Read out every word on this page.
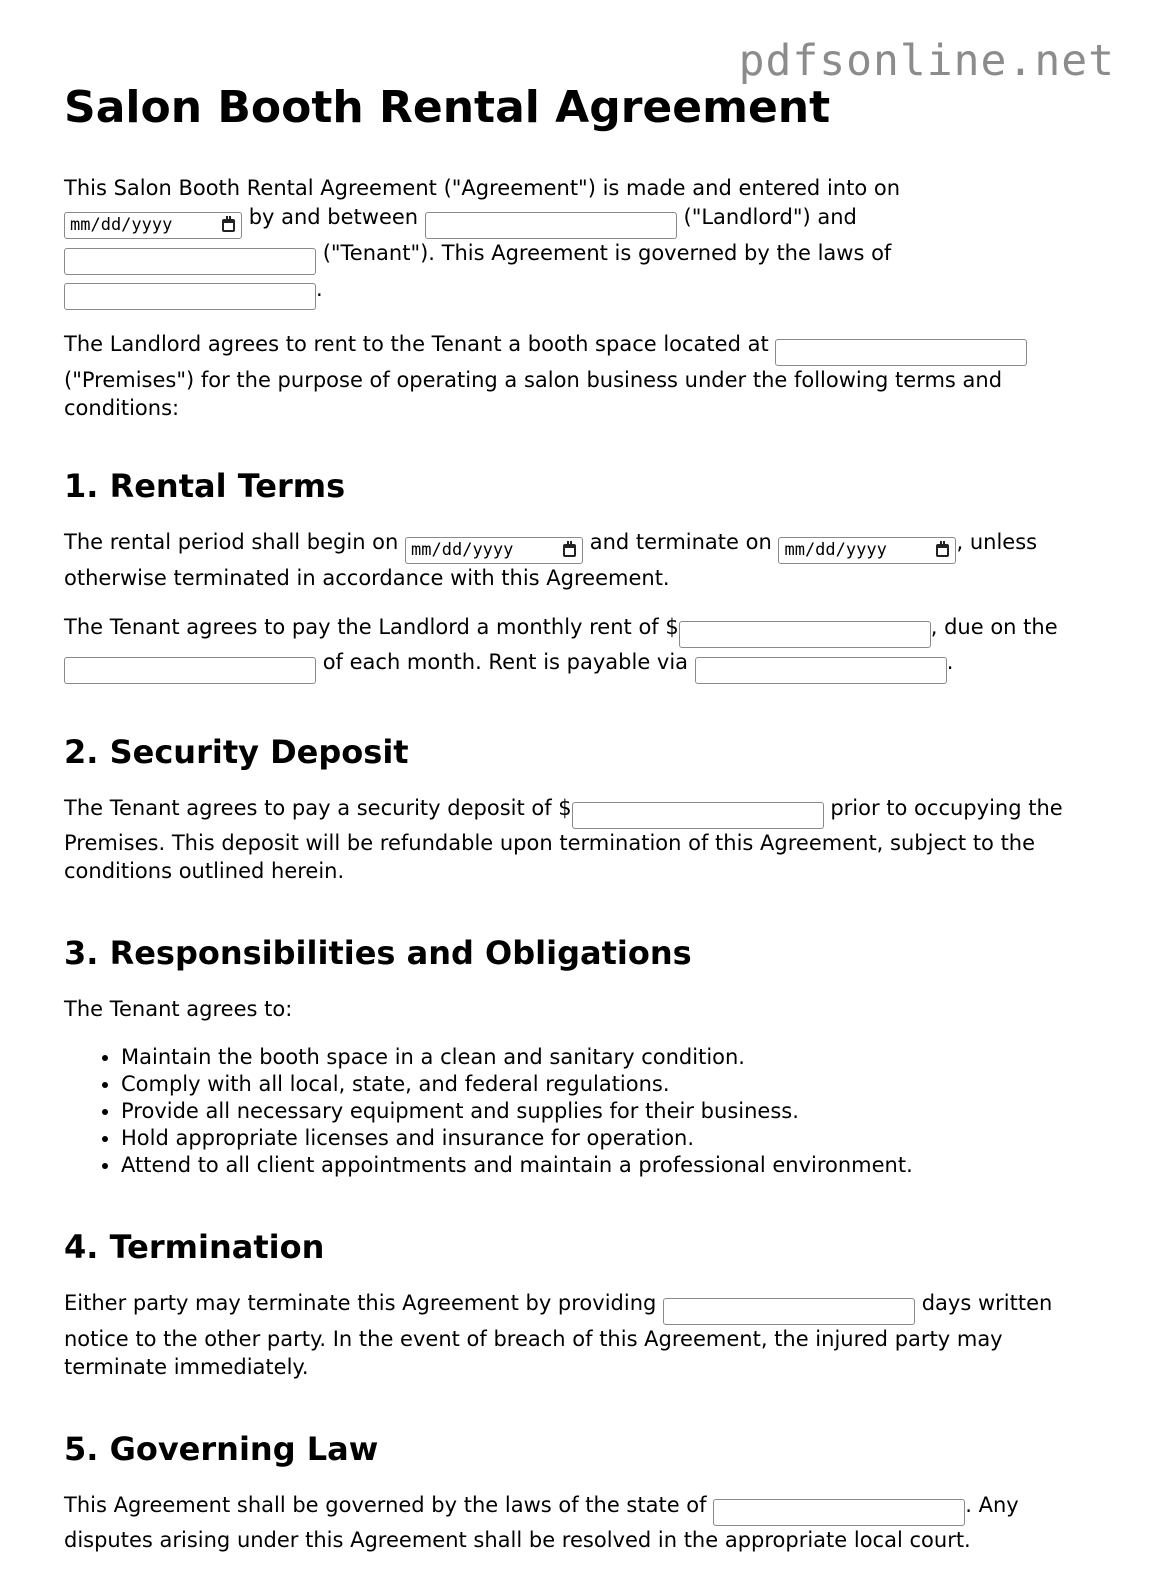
pdfsonline.net
Salon Booth Rental Agreement

This Salon Booth Rental Agreement ("Agreement") is made and entered into on

mm/dd/yyyy	by and between	("Landlord") and
("Tenant"). This Agreement is governed by the laws of
.

The Landlord agrees to rent to the Tenant a booth space located at  ("Premises") for the purpose of operating a salon business under the following terms and conditions:

1. Rental Terms

The rental period shall begin on mm/dd/yyyy	and terminate on mm/dd/yyyy	, unless otherwise terminated in accordance with this Agreement.

The Tenant agrees to pay the Landlord a monthly rent of $	, due on the  of each month. Rent is payable via	.

2. Security Deposit

The Tenant agrees to pay a security deposit of $	prior to occupying the Premises. This deposit will be refundable upon termination of this Agreement, subject to the conditions outlined herein.

3. Responsibilities and Obligations

The Tenant agrees to:

• Maintain the booth space in a clean and sanitary condition.
• Comply with all local, state, and federal regulations.
• Provide all necessary equipment and supplies for their business.
• Hold appropriate licenses and insurance for operation.
• Attend to all client appointments and maintain a professional environment.
4. Termination

Either party may terminate this Agreement by providing	days written notice to the other party. In the event of breach of this Agreement, the injured party may terminate immediately.

5. Governing Law

This Agreement shall be governed by the laws of the state of	. Any disputes arising under this Agreement shall be resolved in the appropriate local court.
